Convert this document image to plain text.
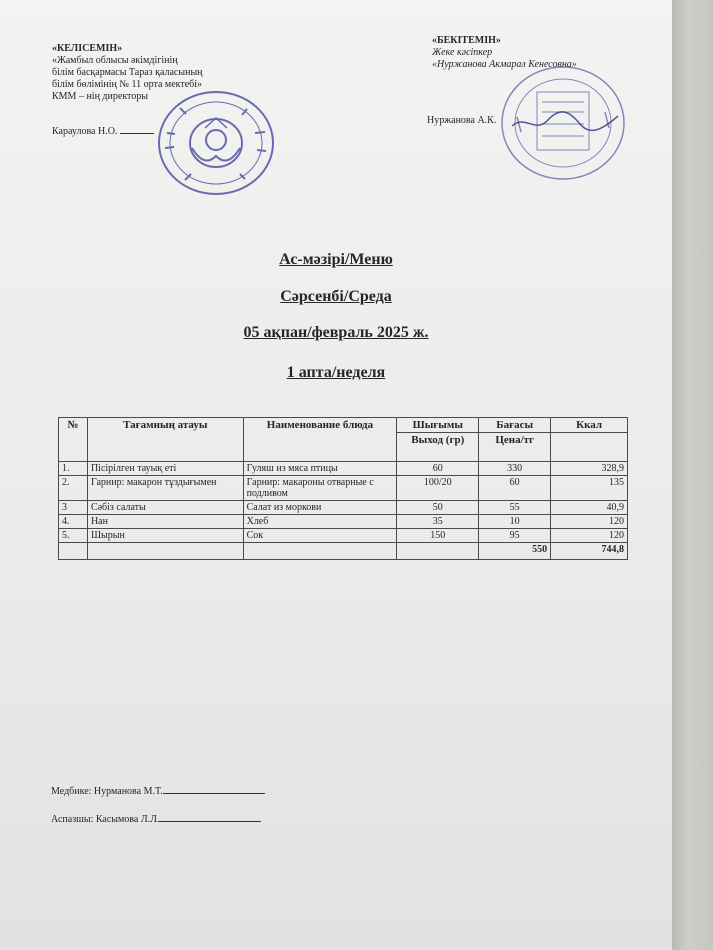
«КЕЛІСЕМІН»
«Жамбыл облысы әкімдігінің
білім басқармасы Тараз қаласының
білім бөлімінің № 11 орта мектебі»
КММ – нің директоры
Караулова Н.О.
«БЕКІТЕМІН»
Жеке кәсіпкер
«Нуржанова Акмарал Кенесовна»
Нуржанова А.К.
Ас-мәзірі/Меню
Сәрсенбі/Среда
05 ақпан/февраль 2025 ж.
1 апта/неделя
№	Тағамның атауы	Наименование блюда	Шығымы	Бағасы	Ккал
			Выход (гр)	Цена/тг	
1.	Пісірілген тауық еті	Гуляш из мяса птицы	60	330	328,9
2.	Гарнир: макарон тұздығымен	Гарнир: макароны отварные с подливом	100/20	60	135
3	Сәбіз салаты	Салат из моркови	50	55	40,9
4.	Нан	Хлеб	35	10	120
5.	Шырын	Сок	150	95	120
				550	744,8
Медбике: Нурманова М.Т.
Аспазшы: Касымова Л.Л.
